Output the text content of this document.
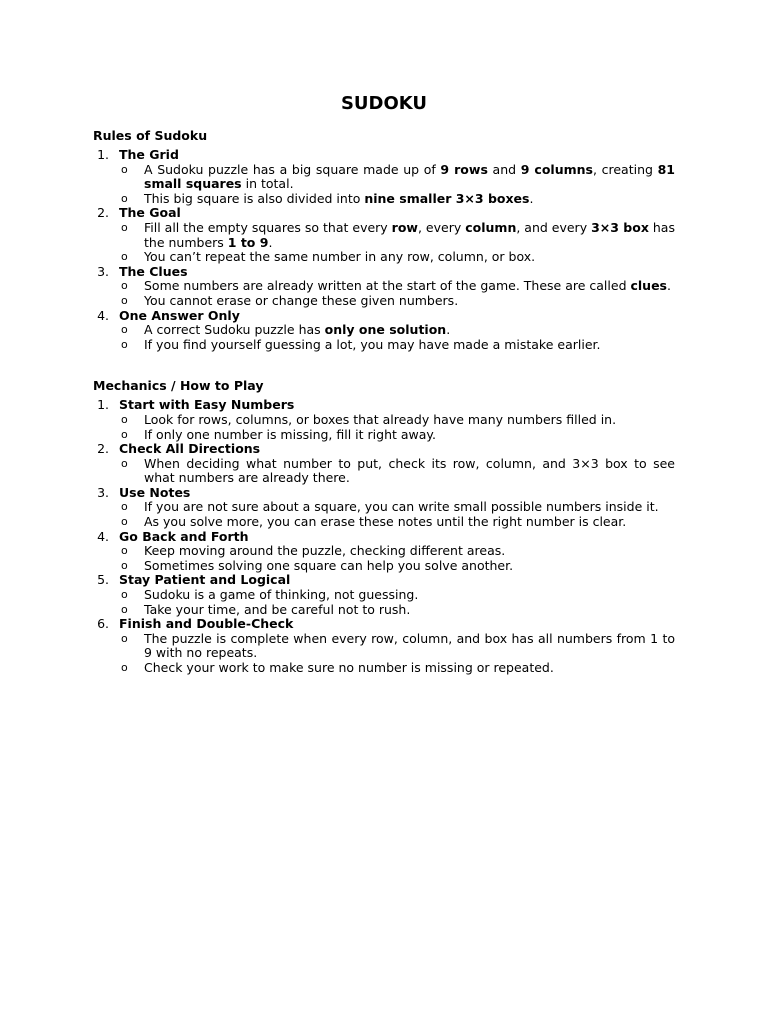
SUDOKU
Rules of Sudoku
1. The Grid
o A Sudoku puzzle has a big square made up of 9 rows and 9 columns, creating 81 small squares in total.
o This big square is also divided into nine smaller 3×3 boxes.
2. The Goal
o Fill all the empty squares so that every row, every column, and every 3×3 box has the numbers 1 to 9.
o You can’t repeat the same number in any row, column, or box.
3. The Clues
o Some numbers are already written at the start of the game. These are called clues.
o You cannot erase or change these given numbers.
4. One Answer Only
o A correct Sudoku puzzle has only one solution.
o If you find yourself guessing a lot, you may have made a mistake earlier.
Mechanics / How to Play
1. Start with Easy Numbers
o Look for rows, columns, or boxes that already have many numbers filled in.
o If only one number is missing, fill it right away.
2. Check All Directions
o When deciding what number to put, check its row, column, and 3×3 box to see what numbers are already there.
3. Use Notes
o If you are not sure about a square, you can write small possible numbers inside it.
o As you solve more, you can erase these notes until the right number is clear.
4. Go Back and Forth
o Keep moving around the puzzle, checking different areas.
o Sometimes solving one square can help you solve another.
5. Stay Patient and Logical
o Sudoku is a game of thinking, not guessing.
o Take your time, and be careful not to rush.
6. Finish and Double-Check
o The puzzle is complete when every row, column, and box has all numbers from 1 to 9 with no repeats.
o Check your work to make sure no number is missing or repeated.
